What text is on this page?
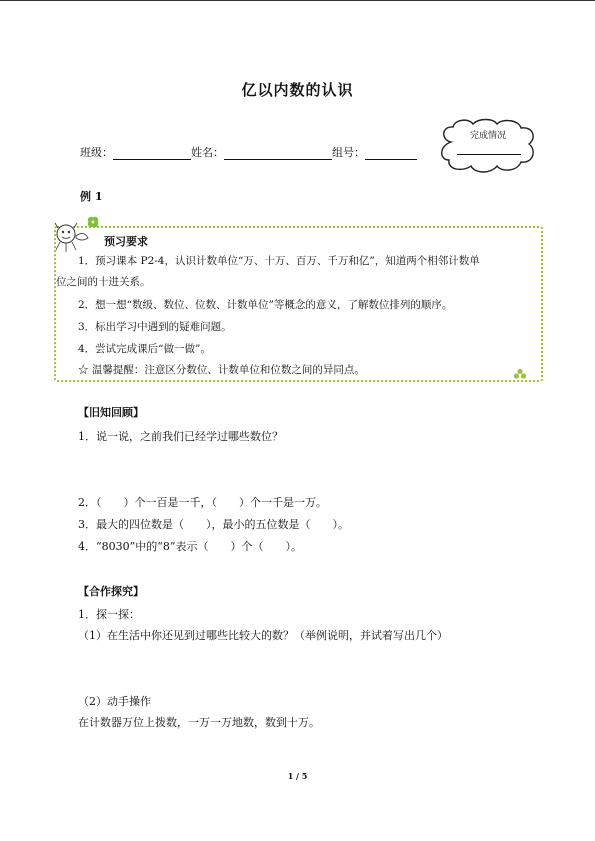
亿以内数的认识
班级：	姓名：	组号：
完成情况
例 1
预习要求
1．预习课本 P2-4，认识计数单位“万、十万、百万、千万和亿”，知道两个相邻计数单
位之间的十进关系。
2．想一想“数级、数位、位数、计数单位”等概念的意义，了解数位排列的顺序。
3．标出学习中遇到的疑难问题。
4．尝试完成课后“做一做”。
☆ 温馨提醒：注意区分数位、计数单位和位数之间的异同点。
【旧知回顾】
1．说一说，之前我们已经学过哪些数位？
2．（　　）个一百是一千，（　　）个一千是一万。
3．最大的四位数是（　　），最小的五位数是（　　）。
4．“8030”中的“8”表示（　　）个（　　）。
【合作探究】
1．探一探：
（1）在生活中你还见到过哪些比较大的数？（举例说明，并试着写出几个）
（2）动手操作
在计数器万位上拨数，一万一万地数，数到十万。
1 / 5
